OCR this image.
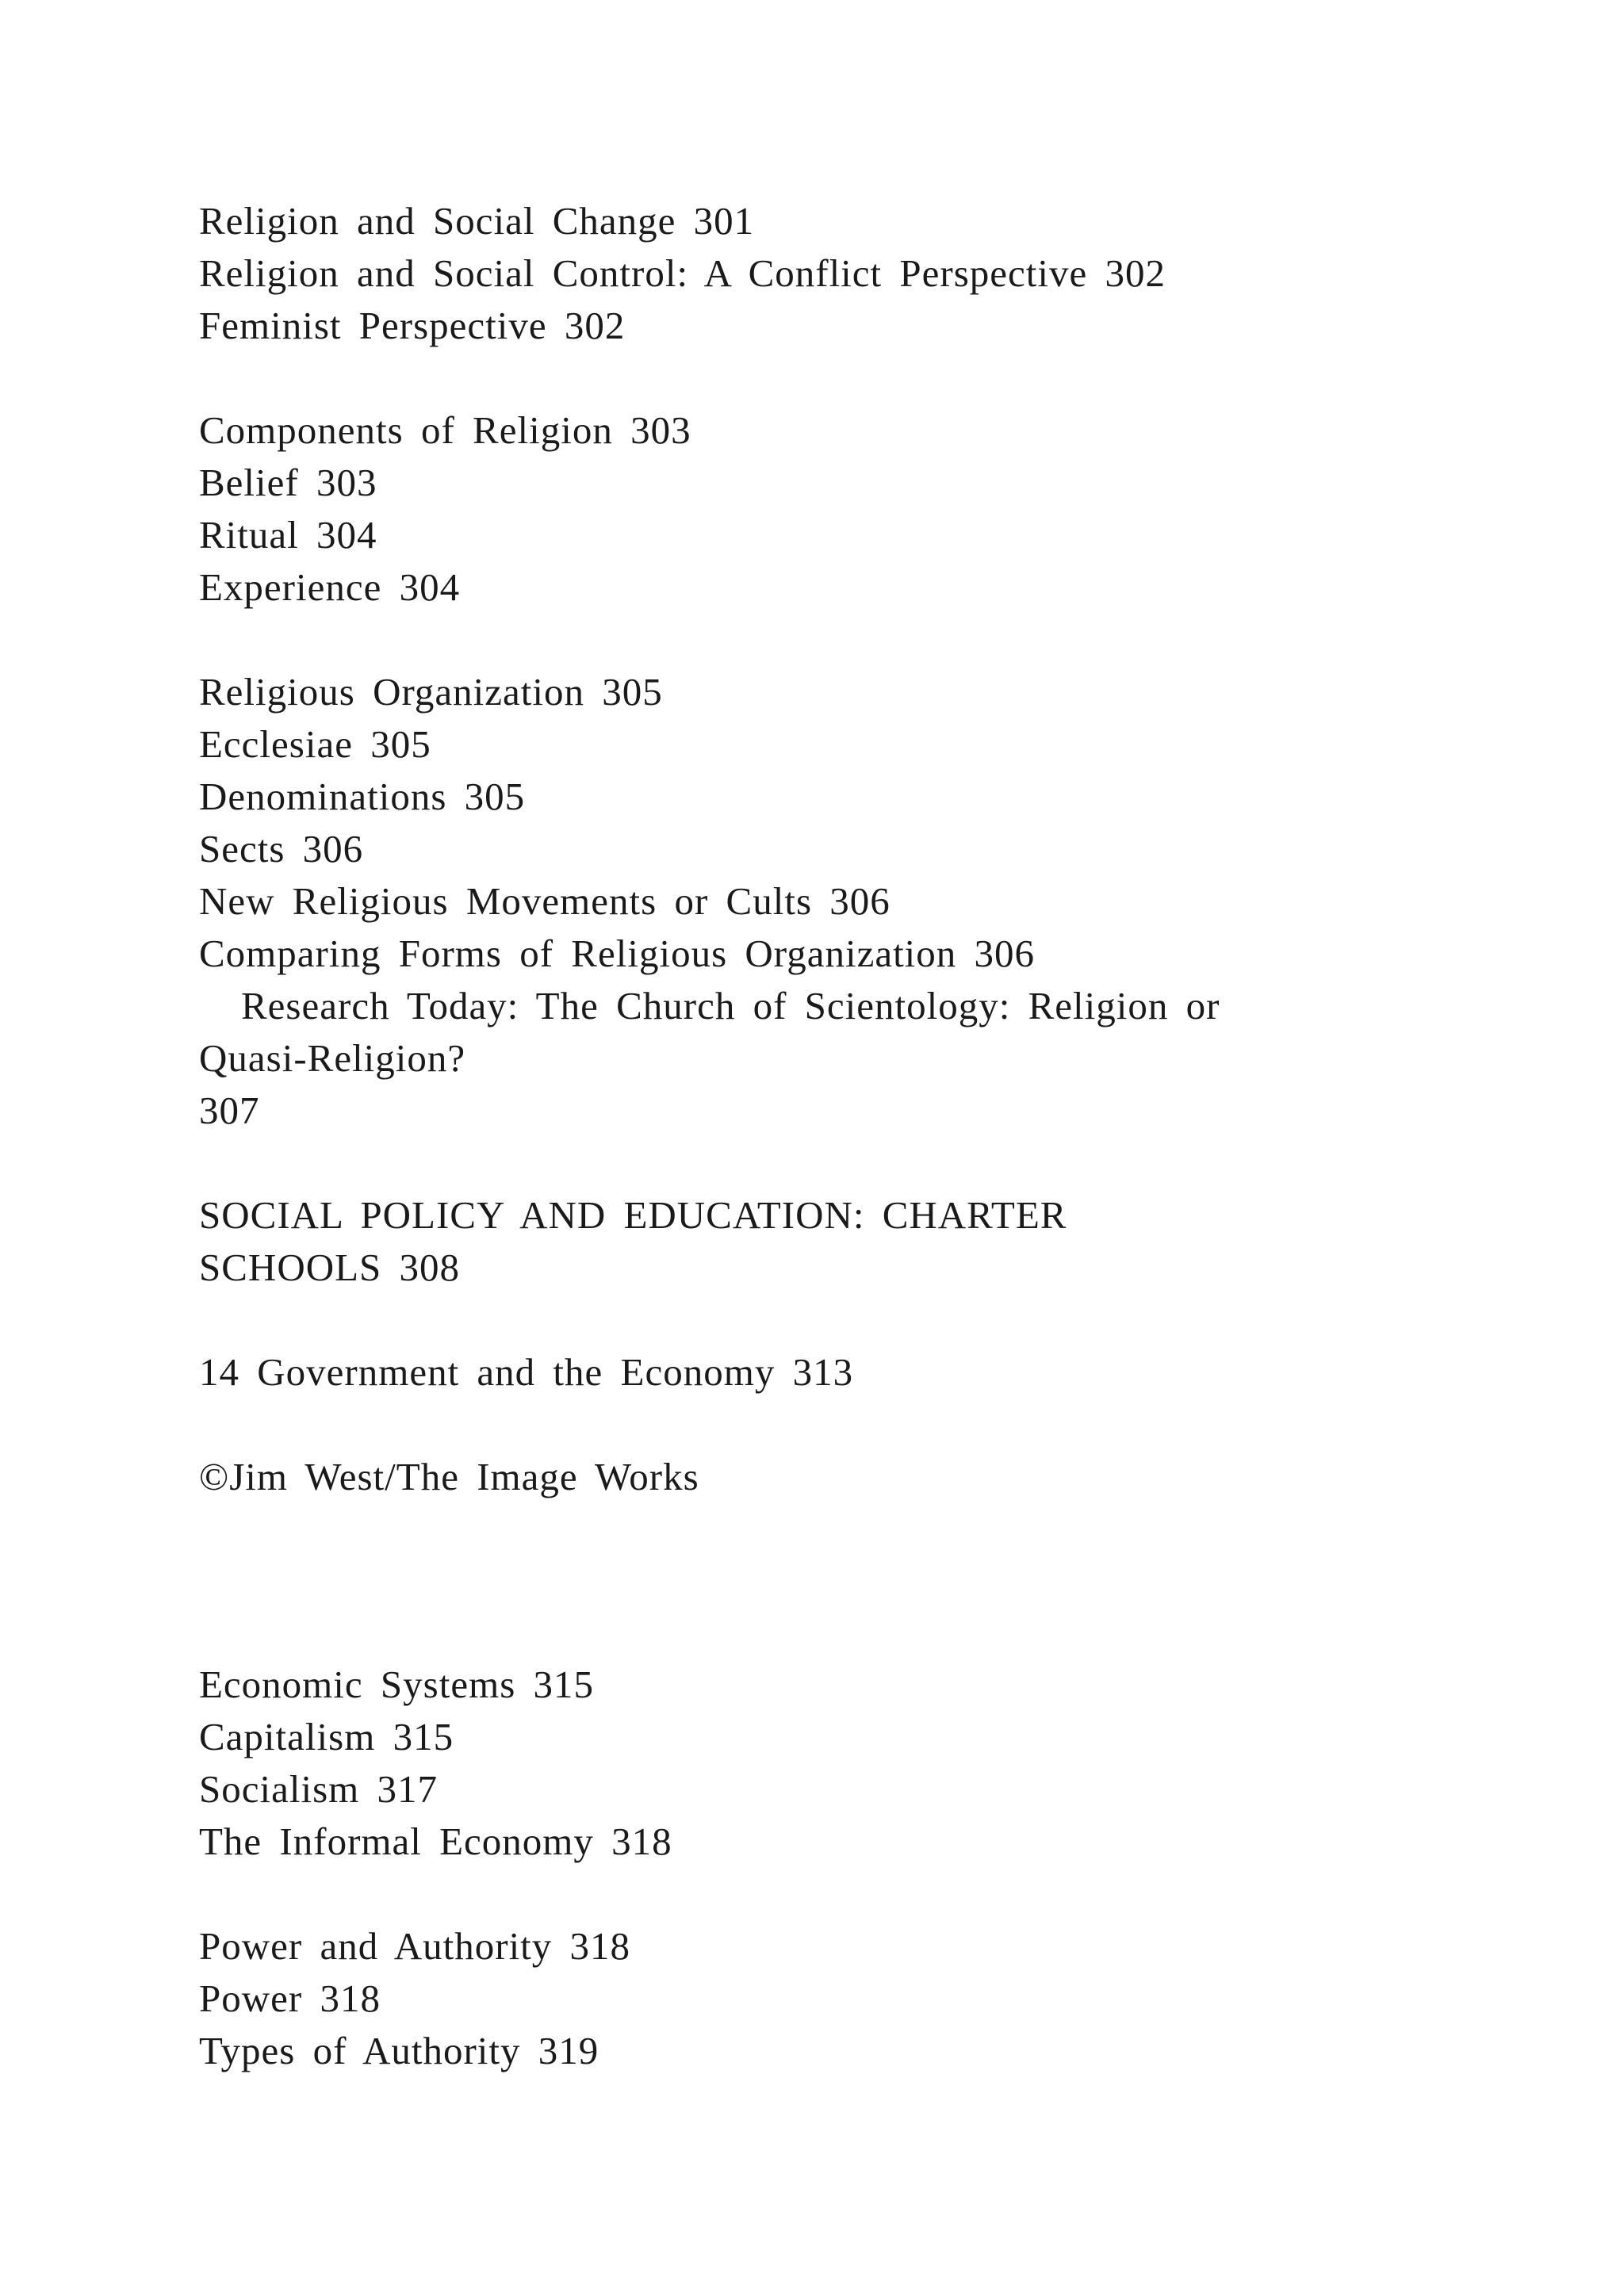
Religion and Social Change 301
Religion and Social Control: A Conflict Perspective 302
Feminist Perspective 302
Components of Religion 303
Belief 303
Ritual 304
Experience 304
Religious Organization 305
Ecclesiae 305
Denominations 305
Sects 306
New Religious Movements or Cults 306
Comparing Forms of Religious Organization 306
Research Today: The Church of Scientology: Religion or
Quasi-Religion?
307
SOCIAL POLICY AND EDUCATION: CHARTER
SCHOOLS 308
14 Government and the Economy 313
©Jim West/The Image Works
Economic Systems 315
Capitalism 315
Socialism 317
The Informal Economy 318
Power and Authority 318
Power 318
Types of Authority 319
